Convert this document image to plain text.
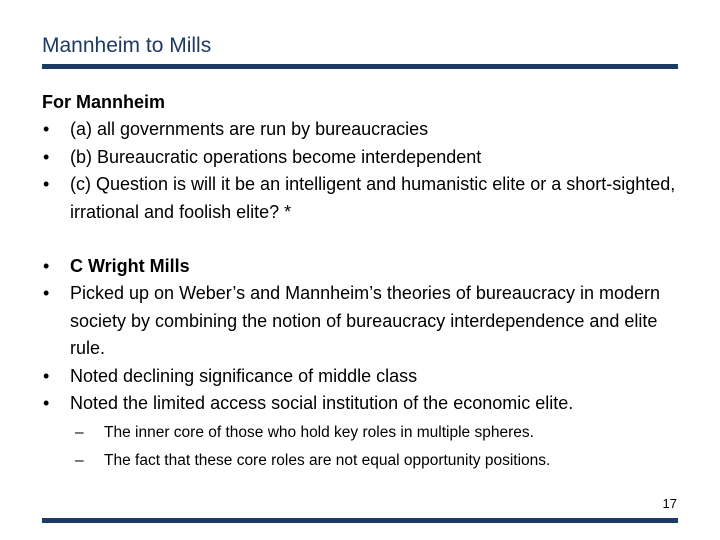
Mannheim to Mills
For Mannheim
• (a) all governments are run by bureaucracies
• (b) Bureaucratic operations become interdependent
• (c) Question is will it be an intelligent and humanistic elite or a short-sighted, irrational and foolish elite? *
• C Wright Mills
• Picked up on Weber’s and Mannheim’s theories of bureaucracy in modern society by combining the notion of bureaucracy interdependence and elite rule.
• Noted declining significance of middle class
• Noted the limited access social institution of the economic elite.
– The inner core of those who hold key roles in multiple spheres.
– The fact that these core roles are not equal opportunity positions.
17
